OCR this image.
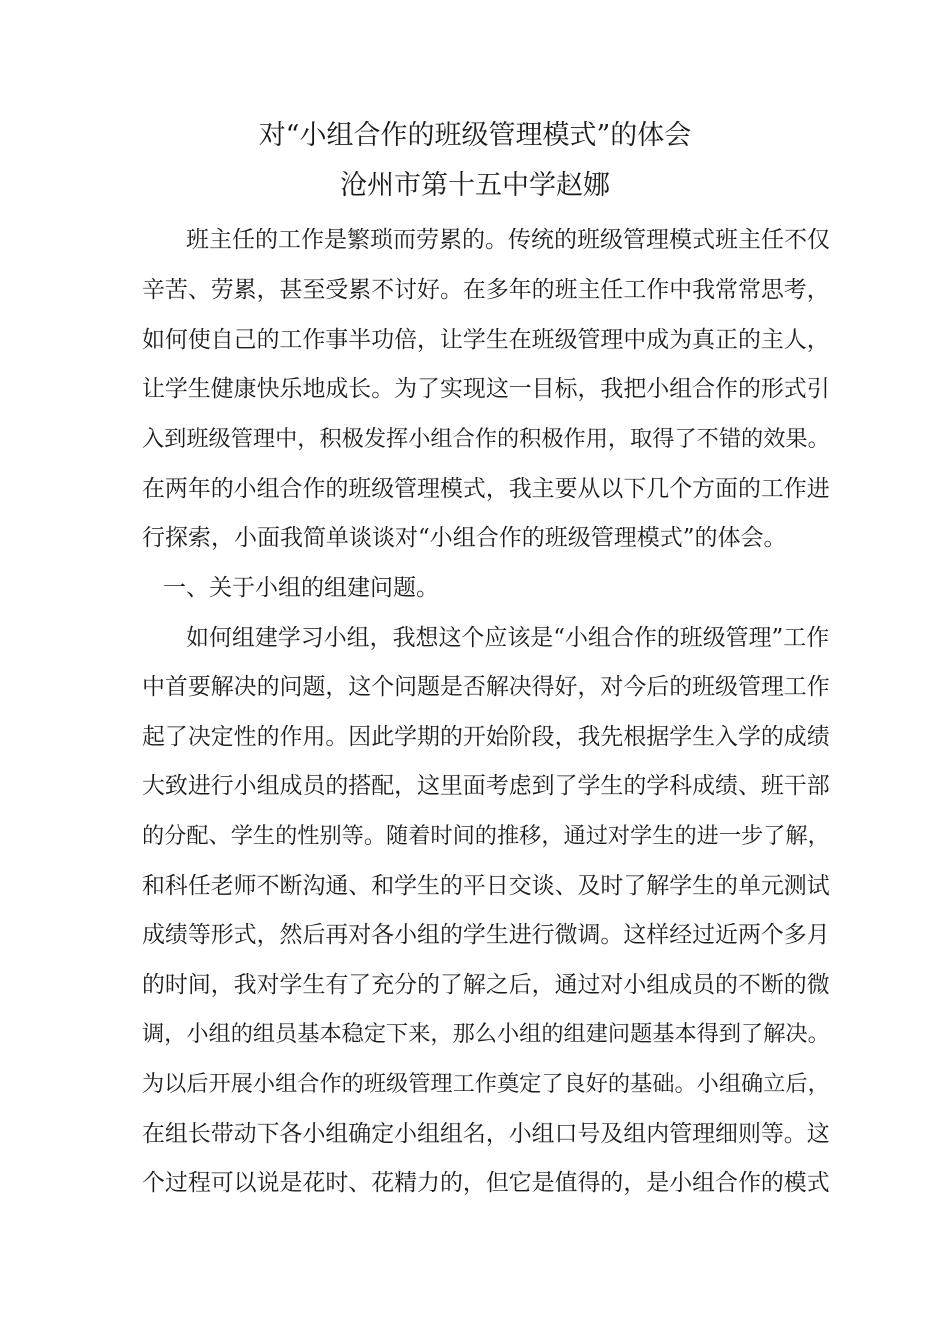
对“小组合作的班级管理模式”的体会
沧州市第十五中学赵娜
班主任的工作是繁琐而劳累的。传统的班级管理模式班主任不仅
辛苦、劳累，甚至受累不讨好。在多年的班主任工作中我常常思考，
如何使自己的工作事半功倍，让学生在班级管理中成为真正的主人，
让学生健康快乐地成长。为了实现这一目标，我把小组合作的形式引
入到班级管理中，积极发挥小组合作的积极作用，取得了不错的效果。
在两年的小组合作的班级管理模式，我主要从以下几个方面的工作进
行探索，小面我简单谈谈对“小组合作的班级管理模式”的体会。
一、关于小组的组建问题。
如何组建学习小组，我想这个应该是“小组合作的班级管理”工作
中首要解决的问题，这个问题是否解决得好，对今后的班级管理工作
起了决定性的作用。因此学期的开始阶段，我先根据学生入学的成绩
大致进行小组成员的搭配，这里面考虑到了学生的学科成绩、班干部
的分配、学生的性别等。随着时间的推移，通过对学生的进一步了解，
和科任老师不断沟通、和学生的平日交谈、及时了解学生的单元测试
成绩等形式，然后再对各小组的学生进行微调。这样经过近两个多月
的时间，我对学生有了充分的了解之后，通过对小组成员的不断的微
调，小组的组员基本稳定下来，那么小组的组建问题基本得到了解决。
为以后开展小组合作的班级管理工作奠定了良好的基础。小组确立后，
在组长带动下各小组确定小组组名，小组口号及组内管理细则等。这
个过程可以说是花时、花精力的，但它是值得的，是小组合作的模式
